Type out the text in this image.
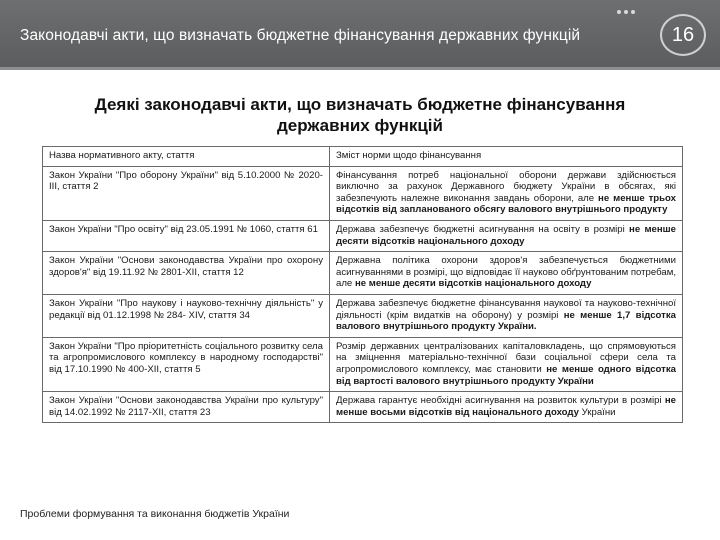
Законодавчі акти, що визначать бюджетне фінансування державних функцій	16
Деякі законодавчі акти, що визначать бюджетне фінансування
державних функцій
Назва нормативного акту, стаття	Зміст норми щодо фінансування
Закон України "Про оборону України" від 5.10.2000 № 2020-ІІІ, стаття 2	Фінансування потреб національної оборони держави здійснюється виключно за рахунок Державного бюджету України в обсягах, які забезпечують належне виконання завдань оборони, але не менше трьох відсотків від запланованого обсягу валового внутрішнього продукту
Закон України "Про освіту" від 23.05.1991 № 1060, стаття 61	Держава забезпечує бюджетні асигнування на освіту в розмірі не менше десяти відсотків національного доходу
Закон України "Основи законодавства України про охорону здоров'я" від 19.11.92 № 2801-XII, стаття 12	Державна політика охорони здоров'я забезпечується бюджетними асигнуваннями в розмірі, що відповідає її науково обґрунтованим потребам, але не менше десяти відсотків національного доходу
Закон України "Про наукову і науково-технічну діяльність" у редакції від 01.12.1998 № 284- XIV, стаття 34	Держава забезпечує бюджетне фінансування наукової та науково-технічної діяльності (крім видатків на оборону) у розмірі не менше 1,7 відсотка валового внутрішнього продукту України.
Закон України "Про пріоритетність соціального розвитку села та агропромислового комплексу в народному господарстві" від 17.10.1990 № 400-XII, стаття 5	Розмір державних централізованих капіталовкладень, що спрямовуються на зміцнення матеріально-технічної бази соціальної сфери села та агропромислового комплексу, має становити не менше одного відсотка від вартості валового внутрішнього продукту України
Закон України "Основи законодавства України про культуру" від 14.02.1992 № 2117-XII, стаття 23	Держава гарантує необхідні асигнування на розвиток культури в розмірі не менше восьми відсотків від національного доходу України
Проблеми формування та виконання бюджетів України
